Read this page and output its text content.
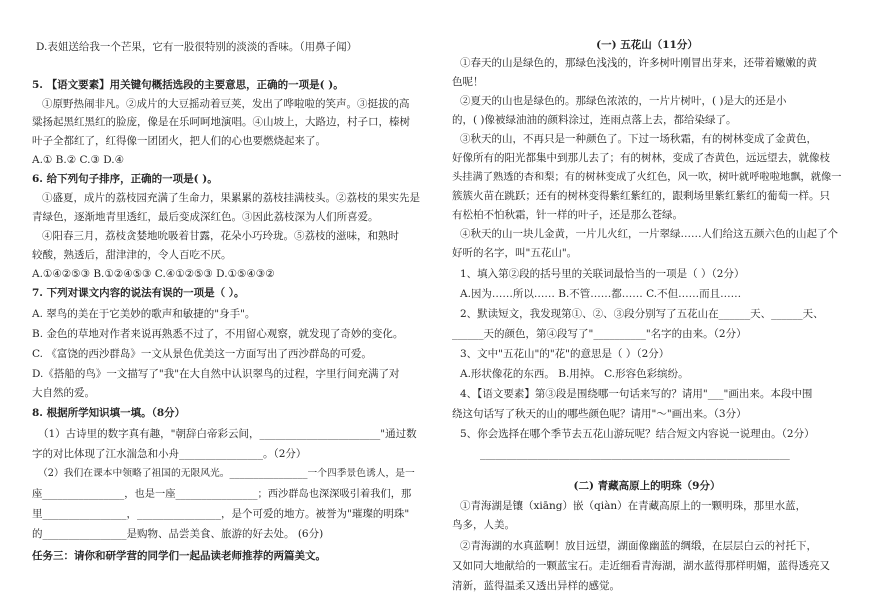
D.表姐送给我一个芒果，它有一股很特别的淡淡的香味。（用鼻子闻）
5. 【语文要素】用关键句概括选段的主要意思，正确的一项是( )。
①原野热闹非凡。②成片的大豆摇动着豆荚，发出了哗啦啦的笑声。③挺拔的高
粱扬起黑红黑红的脸庞，像是在乐呵呵地演唱。④山坡上，大路边，村子口，榛树
叶子全都红了，红得像一团团火，把人们的心也要燃烧起来了。
A.① B.② C.③ D.④
6. 给下列句子排序，正确的一项是( )。
①盛夏，成片的荔枝园充满了生命力，果累累的荔枝挂满枝头。②荔枝的果实先是
青绿色，逐渐地青里透红，最后变成深红色。③因此荔枝深为人们所喜爱。
④阳春三月，荔枝贪婪地吮吸着甘露，花朵小巧玲珑。⑤荔枝的滋味，和熟时
较酸，熟透后，甜津津的，令人百吃不厌。
A.①④②⑤③ B.①②④⑤③ C.④①②⑤③ D.①⑤④③②
7. 下列对课文内容的说法有误的一项是（ ）。
A. 翠鸟的美在于它美妙的歌声和敏捷的"身手"。
B. 金色的草地对作者来说再熟悉不过了，不用留心观察，就发现了奇妙的变化。
C. 《富饶的西沙群岛》一文从景色优美这一方面写出了西沙群岛的可爱。
D.《搭船的鸟》一文描写了"我"在大自然中认识翠鸟的过程，字里行间充满了对
大自然的爱。
8. 根据所学知识填一填。（8分）
（1）古诗里的数字真有趣，"朝辞白帝彩云间，_______________________"通过数
字的对比体现了江水湍急和小舟________________。（2分）
（2）我们在课本中领略了祖国的无限风光。________________一个四季景色诱人，是一
座________________，也是一座________________；西沙群岛也深深吸引着我们，那
里________________，________________，是个可爱的地方。被誉为"璀璨的明珠"
的________________是购物、品尝美食、旅游的好去处。 (6分)
任务三：请你和研学营的同学们一起品读老师推荐的两篇美文。
(一) 五花山（11分）
①春天的山是绿色的，那绿色浅浅的，许多树叶刚冒出芽来，还带着嫩嫩的黄
色呢！
②夏天的山也是绿色的。那绿色浓浓的，一片片树叶，( )是大的还是小
的，( )像被绿油油的颜料涂过，连雨点落上去，都给染绿了。
③秋天的山，不再只是一种颜色了。下过一场秋霜，有的树林变成了金黄色，
好像所有的阳光都集中到那儿去了；有的树林，变成了杏黄色，远远望去，就像枝
头挂满了熟透的杏和梨；有的树林变成了火红色，风一吹，树叶就呼啦啦地飘，就像一
簇簇火苗在跳跃；还有的树林变得紫红紫红的，跟剩场里紫红紫红的葡萄一样。只
有松柏不怕秋霜，针一样的叶子，还是那么苍绿。
④秋天的山一块儿金黄，一片儿火红，一片翠绿……人们给这五颜六色的山起了个
好听的名字，叫"五花山"。
1、填入第②段的括号里的关联词最恰当的一项是（ ）（2分）
A.因为……所以…… B.不管……都…… C.不但……而且……
2、默读短文，我发现第①、②、③段分别写了五花山在______天、______天、
______天的颜色，第④段写了"__________"名字的由来。（2分）
3、文中"五花山"的"花"的意思是（ ）（2分）
A.形状像花的东西。 B.用掉。 C.形容色彩缤纷。
4、【语文要素】第③段是围绕哪一句话来写的？请用"___"画出来。本段中围
绕这句话写了秋天的山的哪些颜色呢？请用"～"画出来。（3分）
5、你会选择在哪个季节去五花山游玩呢？结合短文内容说一说理由。（2分）
___________________________________________________________
(二) 青藏高原上的明珠（9分）
①青海湖是镶（xiāng）嵌（qiàn）在青藏高原上的一颗明珠，那里水蓝，
鸟多，人美。
②青海湖的水真蓝啊！放目远望，湖面像幽蓝的绸缎，在层层白云的衬托下，
又如同大地献给的一颗蓝宝石。走近细看青海湖，湖水蓝得那样明媚，蓝得透亮又
清新，蓝得温柔又透出异样的感觉。
